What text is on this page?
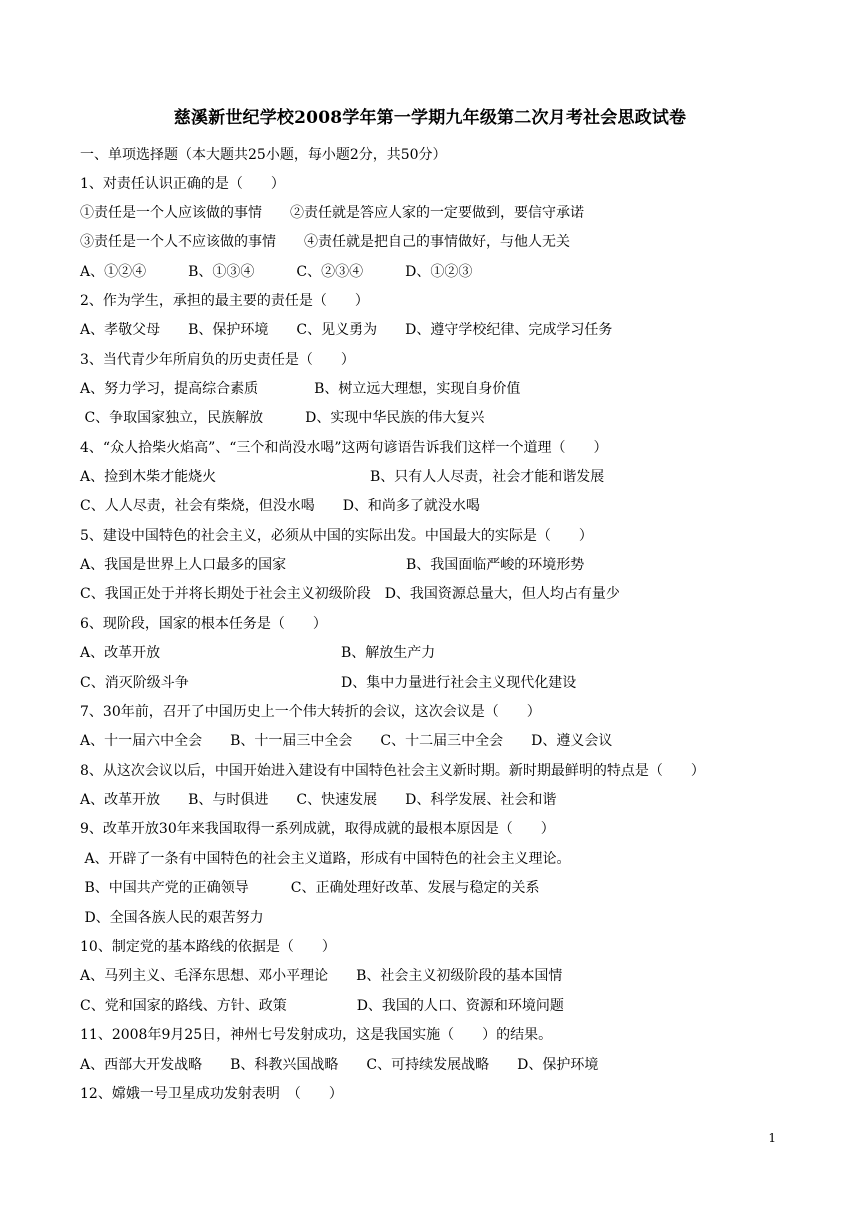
慈溪新世纪学校2008学年第一学期九年级第二次月考社会思政试卷
一、单项选择题（本大题共25小题，每小题2分，共50分）
1、对责任认识正确的是（　　）
①责任是一个人应该做的事情　　②责任就是答应人家的一定要做到，要信守承诺
③责任是一个人不应该做的事情　　④责任就是把自己的事情做好，与他人无关
A、①②④　　　B、①③④　　　C、②③④　　　D、①②③
2、作为学生，承担的最主要的责任是（　　）
A、孝敬父母　　B、保护环境　　C、见义勇为　　D、遵守学校纪律、完成学习任务
3、当代青少年所肩负的历史责任是（　　）
A、努力学习，提高综合素质　　　　B、树立远大理想，实现自身价值
C、争取国家独立，民族解放　　　D、实现中华民族的伟大复兴
4、“众人拾柴火焰高”、“三个和尚没水喝”这两句谚语告诉我们这样一个道理（　　）
A、捡到木柴才能烧火	B、只有人人尽责，社会才能和谐发展
C、人人尽责，社会有柴烧，但没水喝　　D、和尚多了就没水喝
5、建设中国特色的社会主义，必须从中国的实际出发。中国最大的实际是（　　）
A、我国是世界上人口最多的国家	B、我国面临严峻的环境形势
C、我国正处于并将长期处于社会主义初级阶段　D、我国资源总量大，但人均占有量少
6、现阶段，国家的根本任务是（　　）
A、改革开放	B、解放生产力
C、消灭阶级斗争	D、集中力量进行社会主义现代化建设
7、30年前，召开了中国历史上一个伟大转折的会议，这次会议是（　　）
A、十一届六中全会　　B、十一届三中全会　　C、十二届三中全会　　D、遵义会议
8、从这次会议以后，中国开始进入建设有中国特色社会主义新时期。新时期最鲜明的特点是（　　）
A、改革开放　　B、与时俱进　　C、快速发展　　D、科学发展、社会和谐
9、改革开放30年来我国取得一系列成就，取得成就的最根本原因是（　　）
A、开辟了一条有中国特色的社会主义道路，形成有中国特色的社会主义理论。
B、中国共产党的正确领导　　　C、正确处理好改革、发展与稳定的关系
D、全国各族人民的艰苦努力
10、制定党的基本路线的依据是（　　）
A、马列主义、毛泽东思想、邓小平理论　　B、社会主义初级阶段的基本国情
C、党和国家的路线、方针、政策　　　　　D、我国的人口、资源和环境问题
11、2008年9月25日，神州七号发射成功，这是我国实施（　　）的结果。
A、西部大开发战略　　B、科教兴国战略　　C、可持续发展战略　　D、保护环境
12、嫦娥一号卫星成功发射表明　（　　）
1
